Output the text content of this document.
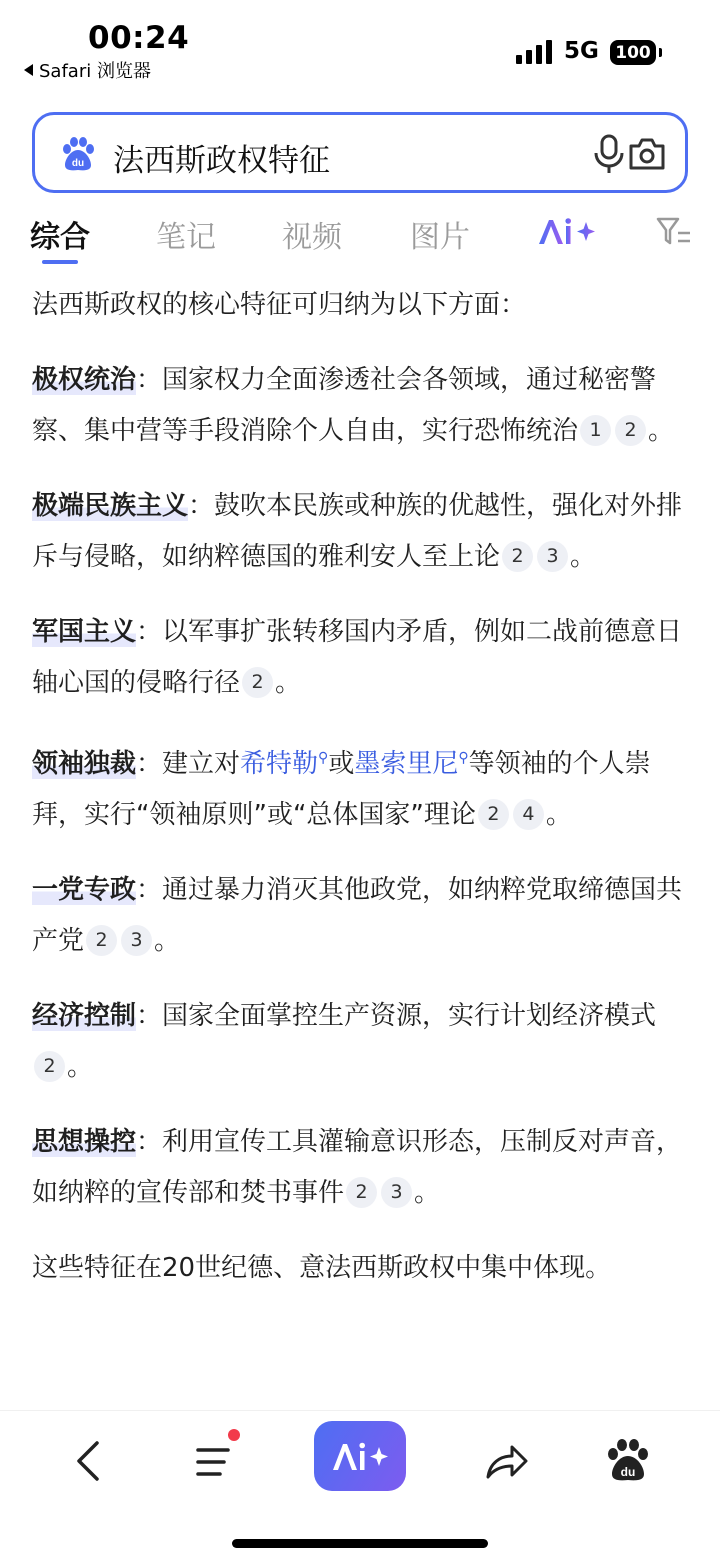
00:24
Safari 浏览器
5G 100
du 法西斯政权特征
综合 笔记 视频 图片

法西斯政权的核心特征可归纳为以下方面：

极权统治：国家权力全面渗透社会各领域，通过秘密警察、集中营等手段消除个人自由，实行恐怖统治 1 2 。

极端民族主义：鼓吹本民族或种族的优越性，强化对外排斥与侵略，如纳粹德国的雅利安人至上论 2 3 。

军国主义：以军事扩张转移国内矛盾，例如二战前德意日轴心国的侵略行径 2 。

领袖独裁：建立对希特勒⚲或墨索里尼⚲等领袖的个人崇拜，实行“领袖原则”或“总体国家”理论 2 4 。

一党专政：通过暴力消灭其他政党，如纳粹党取缔德国共产党 2 3 。

经济控制：国家全面掌控生产资源，实行计划经济模式2 。

思想操控：利用宣传工具灌输意识形态，压制反对声音，如纳粹的宣传部和焚书事件 2 3 。

这些特征在20世纪德、意法西斯政权中集中体现。

du
